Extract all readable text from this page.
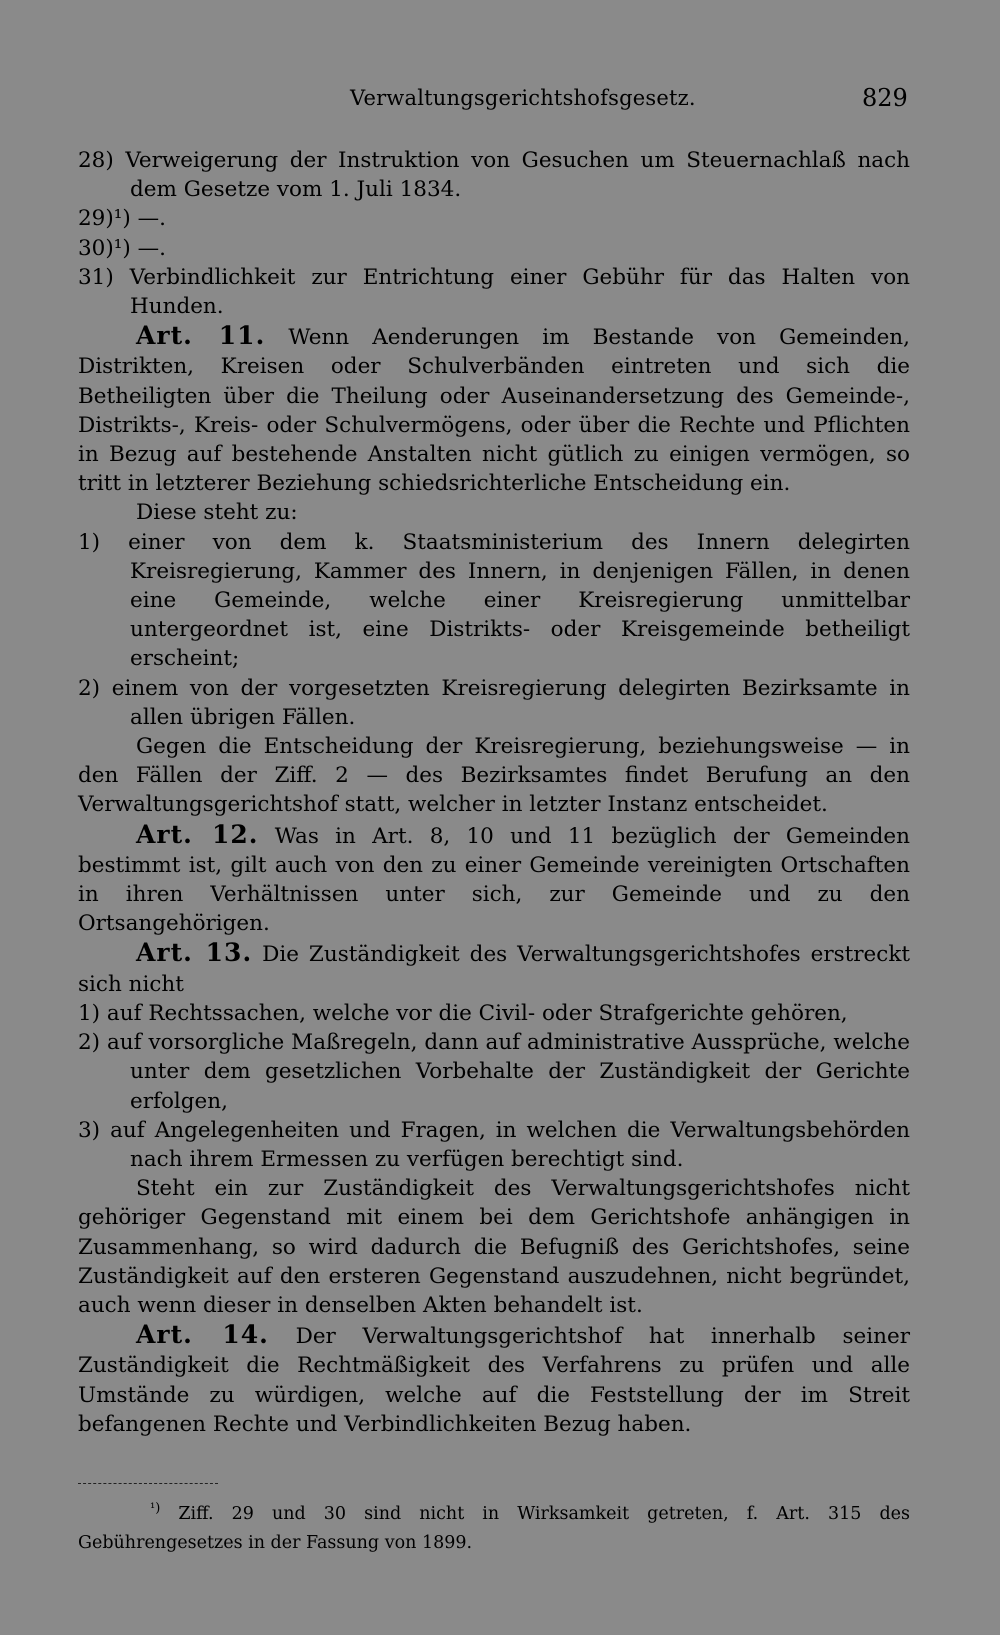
Verwaltungsgerichtshofsgesetz.	829

28) Verweigerung der Instruktion von Gesuchen um Steuernachlaß nach dem Gesetze vom 1. Juli 1834.

29)¹) —.

30)¹) —.

31) Verbindlichkeit zur Entrichtung einer Gebühr für das Halten von Hunden.

Art. 11. Wenn Aenderungen im Bestande von Gemeinden, Distrikten, Kreisen oder Schulverbänden eintreten und sich die Betheiligten über die Theilung oder Auseinandersetzung des Gemeinde-, Distrikts-, Kreis- oder Schulvermögens, oder über die Rechte und Pflichten in Bezug auf bestehende Anstalten nicht gütlich zu einigen vermögen, so tritt in letzterer Beziehung schiedsrichterliche Entscheidung ein.

Diese steht zu:

1) einer von dem k. Staatsministerium des Innern delegirten Kreisregierung, Kammer des Innern, in denjenigen Fällen, in denen eine Gemeinde, welche einer Kreisregierung unmittelbar untergeordnet ist, eine Distrikts- oder Kreisgemeinde betheiligt erscheint;

2) einem von der vorgesetzten Kreisregierung delegirten Bezirksamte in allen übrigen Fällen.

Gegen die Entscheidung der Kreisregierung, beziehungsweise — in den Fällen der Ziff. 2 — des Bezirksamtes findet Berufung an den Verwaltungsgerichtshof statt, welcher in letzter Instanz entscheidet.

Art. 12. Was in Art. 8, 10 und 11 bezüglich der Gemeinden bestimmt ist, gilt auch von den zu einer Gemeinde vereinigten Ortschaften in ihren Verhältnissen unter sich, zur Gemeinde und zu den Ortsangehörigen.

Art. 13. Die Zuständigkeit des Verwaltungsgerichtshofes erstreckt sich nicht

1) auf Rechtssachen, welche vor die Civil- oder Strafgerichte gehören,

2) auf vorsorgliche Maßregeln, dann auf administrative Aussprüche, welche unter dem gesetzlichen Vorbehalte der Zuständigkeit der Gerichte erfolgen,

3) auf Angelegenheiten und Fragen, in welchen die Verwaltungsbehörden nach ihrem Ermessen zu verfügen berechtigt sind.

Steht ein zur Zuständigkeit des Verwaltungsgerichtshofes nicht gehöriger Gegenstand mit einem bei dem Gerichtshofe anhängigen in Zusammenhang, so wird dadurch die Befugniß des Gerichtshofes, seine Zuständigkeit auf den ersteren Gegenstand auszudehnen, nicht begründet, auch wenn dieser in denselben Akten behandelt ist.

Art. 14. Der Verwaltungsgerichtshof hat innerhalb seiner Zuständigkeit die Rechtmäßigkeit des Verfahrens zu prüfen und alle Umstände zu würdigen, welche auf die Feststellung der im Streit befangenen Rechte und Verbindlichkeiten Bezug haben.

$^{^1)}$ Ziff. 29 und 30 sind nicht in Wirksamkeit getreten, f. Art. 315 des Gebührengesetzes in der Fassung von 1899.
